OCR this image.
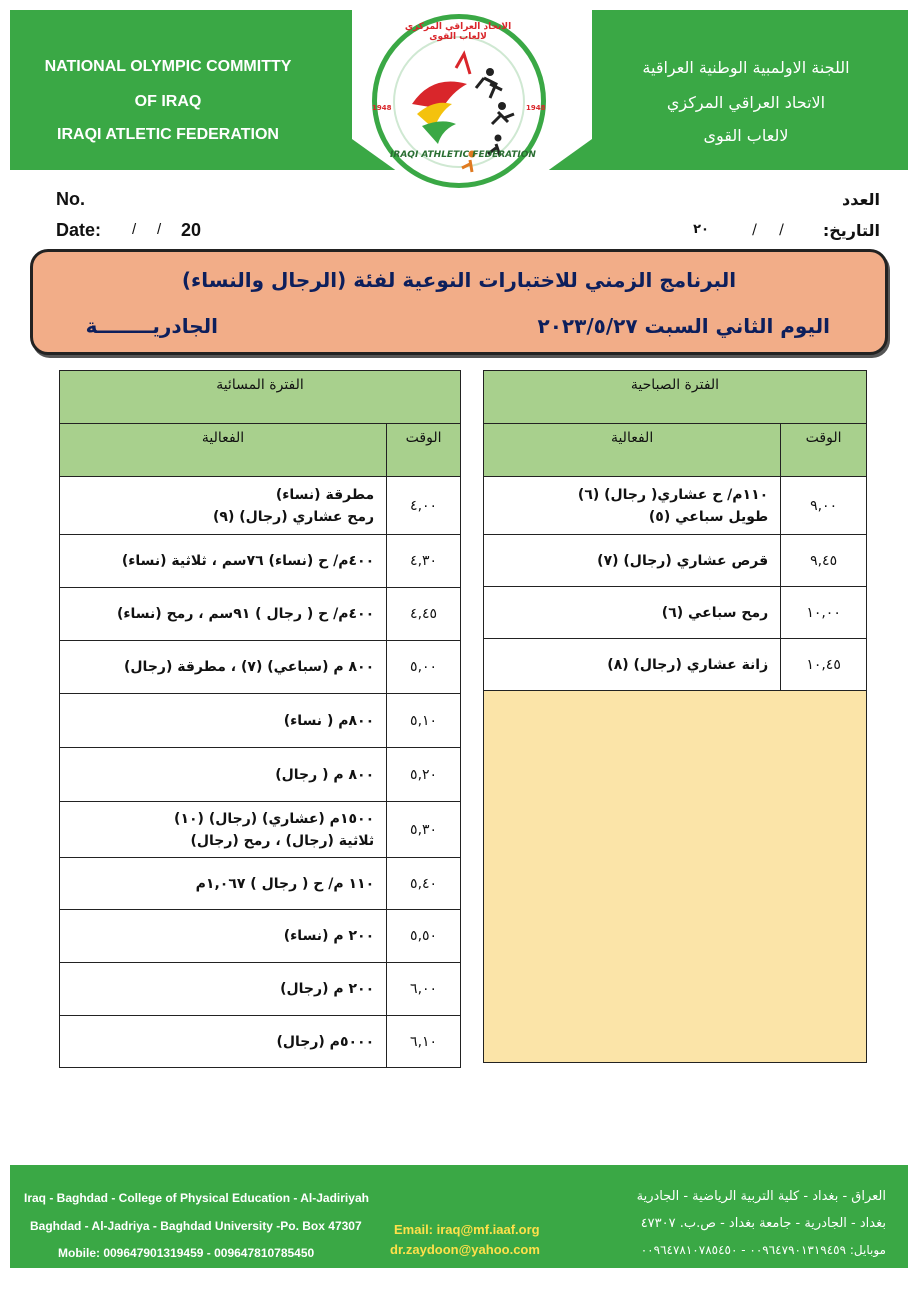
NATIONAL OLYMPIC COMMITTY
OF IRAQ
IRAQI ATLETIC FEDERATION
اللجنة الاولمبية الوطنية العراقية
الاتحاد العراقي المركزي
لالعاب القوى
الاتحاد العراقي المركزي لالعاب القوى
IRAQI ATHLETIC FEDERATION
1948	1948
No.
Date: /     / 20
العدد
التاريخ:
/     /
٢٠
البرنامج الزمني للاختبارات النوعية لفئة (الرجال والنساء)
اليوم الثاني السبت ٢٠٢٣/٥/٢٧
الجادريــــــــة
الفترة الصباحية	
الفعالية	الوقت

١١٠م/ ح عشاري( رجال) (٦)
طويل سباعي (٥)	٩,٠٠
قرص عشاري (رجال) (٧)	٩,٤٥
رمح سباعي (٦)	١٠,٠٠
زانة عشاري (رجال) (٨)	١٠,٤٥

الفترة المسائية	
الفعالية	الوقت

مطرقة (نساء)
رمح عشاري (رجال) (٩)	٤,٠٠
٤٠٠م/ ح (نساء) ٧٦سم ، ثلاثية (نساء)	٤,٣٠
٤٠٠م/ ح ( رجال ) ٩١سم ، رمح (نساء)	٤,٤٥
٨٠٠ م (سباعي) (٧) ، مطرقة (رجال)	٥,٠٠
٨٠٠م ( نساء)	٥,١٠
٨٠٠ م ( رجال)	٥,٢٠

١٥٠٠م (عشاري) (رجال) (١٠)
ثلاثية (رجال) ، رمح (رجال)	٥,٣٠
١١٠ م/ ح ( رجال ) ١,٠٦٧م	٥,٤٠
٢٠٠ م (نساء)	٥,٥٠
٢٠٠ م (رجال)	٦,٠٠
٥٠٠٠م (رجال)	٦,١٠
Iraq - Baghdad - College of Physical Education - Al-Jadiriyah
Baghdad - Al-Jadriya - Baghdad University -Po. Box 47307
Mobile: 009647901319459 - 009647810785450
Email: iraq@mf.iaaf.org
dr.zaydoon@yahoo.com
العراق - بغداد - كلية التربية الرياضية - الجادرية
بغداد - الجادرية - جامعة بغداد - ص.ب. ٤٧٣٠٧
موبايل: ٠٠٩٦٤٧٩٠١٣١٩٤٥٩ - ٠٠٩٦٤٧٨١٠٧٨٥٤٥٠
